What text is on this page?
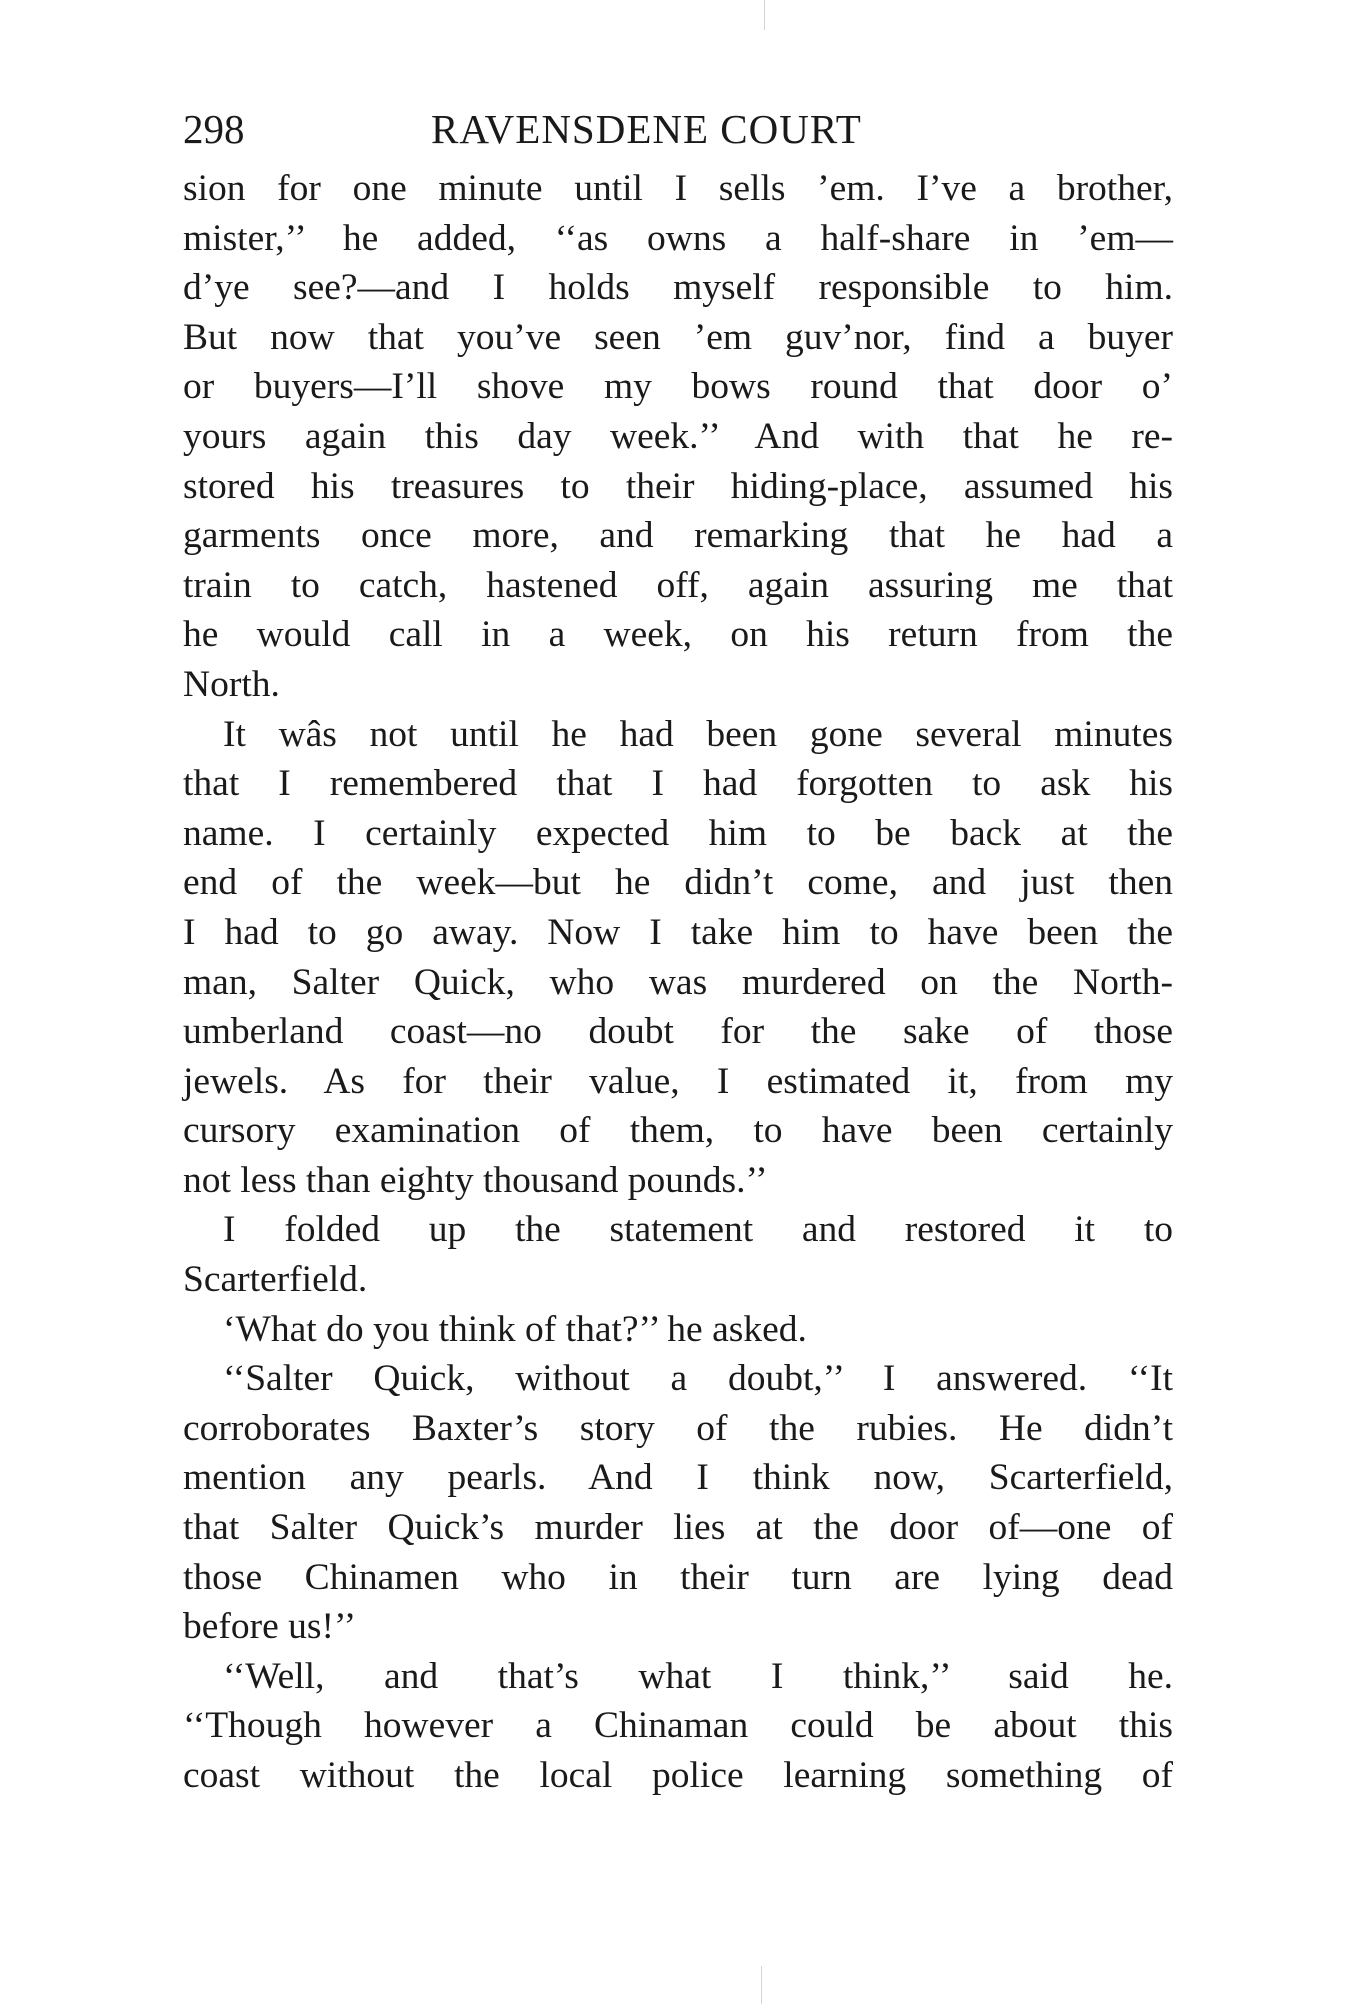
298	RAVENSDENE COURT
sion for one minute until I sells ’em. I’ve a brother,
mister,’’ he added, ‘‘as owns a half-share in ’em—
d’ye see?—and I holds myself responsible to him.
But now that you’ve seen ’em guv’nor, find a buyer
or buyers—I’ll shove my bows round that door o’
yours again this day week.’’ And with that he re-
stored his treasures to their hiding-place, assumed his
garments once more, and remarking that he had a
train to catch, hastened off, again assuring me that
he would call in a week, on his return from the
North.
It wâs not until he had been gone several minutes
that I remembered that I had forgotten to ask his
name. I certainly expected him to be back at the
end of the week—but he didn’t come, and just then
I had to go away. Now I take him to have been the
man, Salter Quick, who was murdered on the North-
umberland coast—no doubt for the sake of those
jewels. As for their value, I estimated it, from my
cursory examination of them, to have been certainly
not less than eighty thousand pounds.’’
I folded up the statement and restored it to
Scarterfield.
‘What do you think of that?’’ he asked.
‘‘Salter Quick, without a doubt,’’ I answered. ‘‘It
corroborates Baxter’s story of the rubies. He didn’t
mention any pearls. And I think now, Scarterfield,
that Salter Quick’s murder lies at the door of—one of
those Chinamen who in their turn are lying dead
before us!’’
‘‘Well, and that’s what I think,’’ said he.
‘‘Though however a Chinaman could be about this
coast without the local police learning something of
